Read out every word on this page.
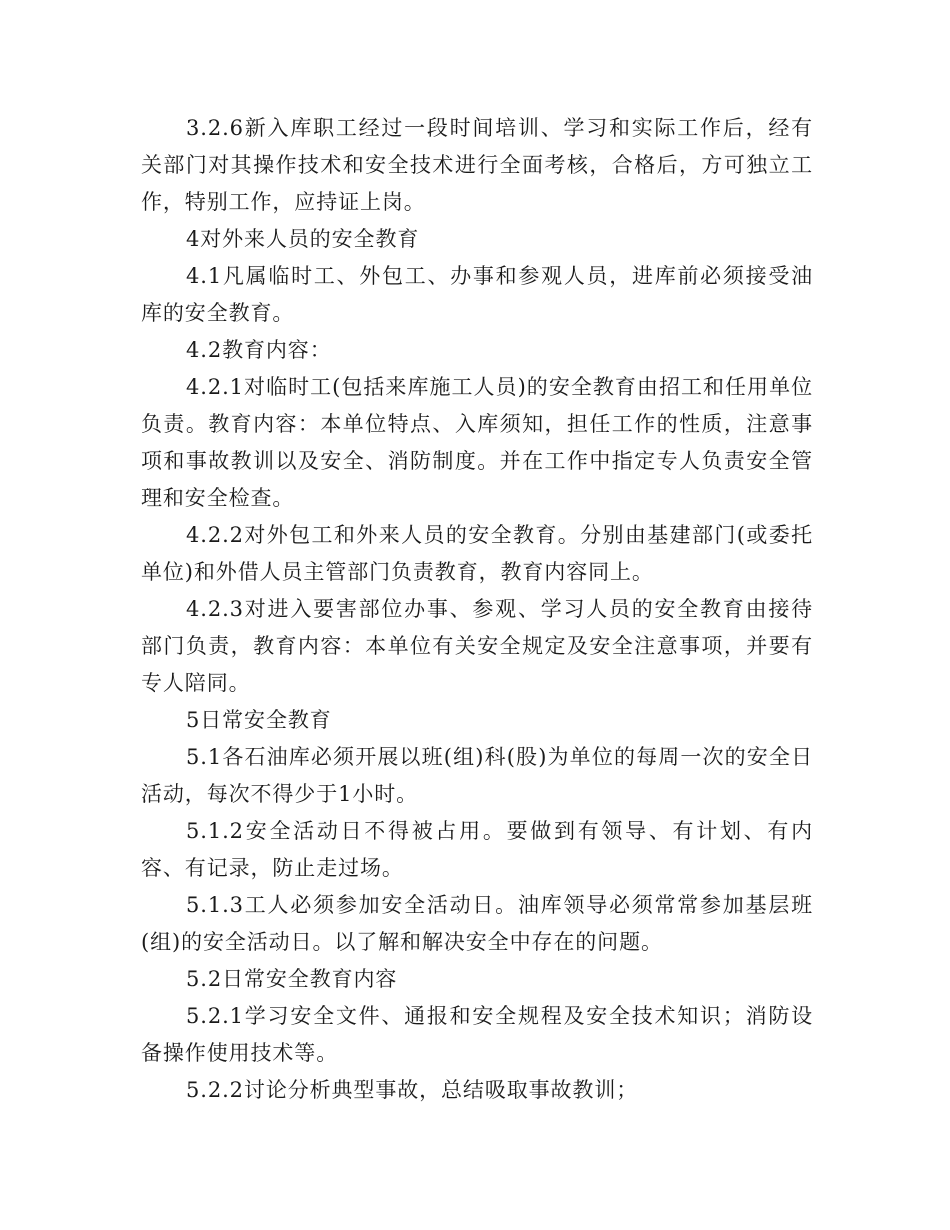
3.2.6新入库职工经过一段时间培训、学习和实际工作后，经有关部门对其操作技术和安全技术进行全面考核，合格后，方可独立工作，特别工作，应持证上岗。

4对外来人员的安全教育

4.1凡属临时工、外包工、办事和参观人员，进库前必须接受油库的安全教育。

4.2教育内容：

4.2.1对临时工(包括来库施工人员)的安全教育由招工和任用单位负责。教育内容：本单位特点、入库须知，担任工作的性质，注意事项和事故教训以及安全、消防制度。并在工作中指定专人负责安全管理和安全检查。

4.2.2对外包工和外来人员的安全教育。分别由基建部门(或委托单位)和外借人员主管部门负责教育，教育内容同上。

4.2.3对进入要害部位办事、参观、学习人员的安全教育由接待部门负责，教育内容：本单位有关安全规定及安全注意事项，并要有专人陪同。

5日常安全教育

5.1各石油库必须开展以班(组)科(股)为单位的每周一次的安全日活动，每次不得少于1小时。

5.1.2安全活动日不得被占用。要做到有领导、有计划、有内容、有记录，防止走过场。

5.1.3工人必须参加安全活动日。油库领导必须常常参加基层班(组)的安全活动日。以了解和解决安全中存在的问题。

5.2日常安全教育内容

5.2.1学习安全文件、通报和安全规程及安全技术知识；消防设备操作使用技术等。

5.2.2讨论分析典型事故，总结吸取事故教训；
